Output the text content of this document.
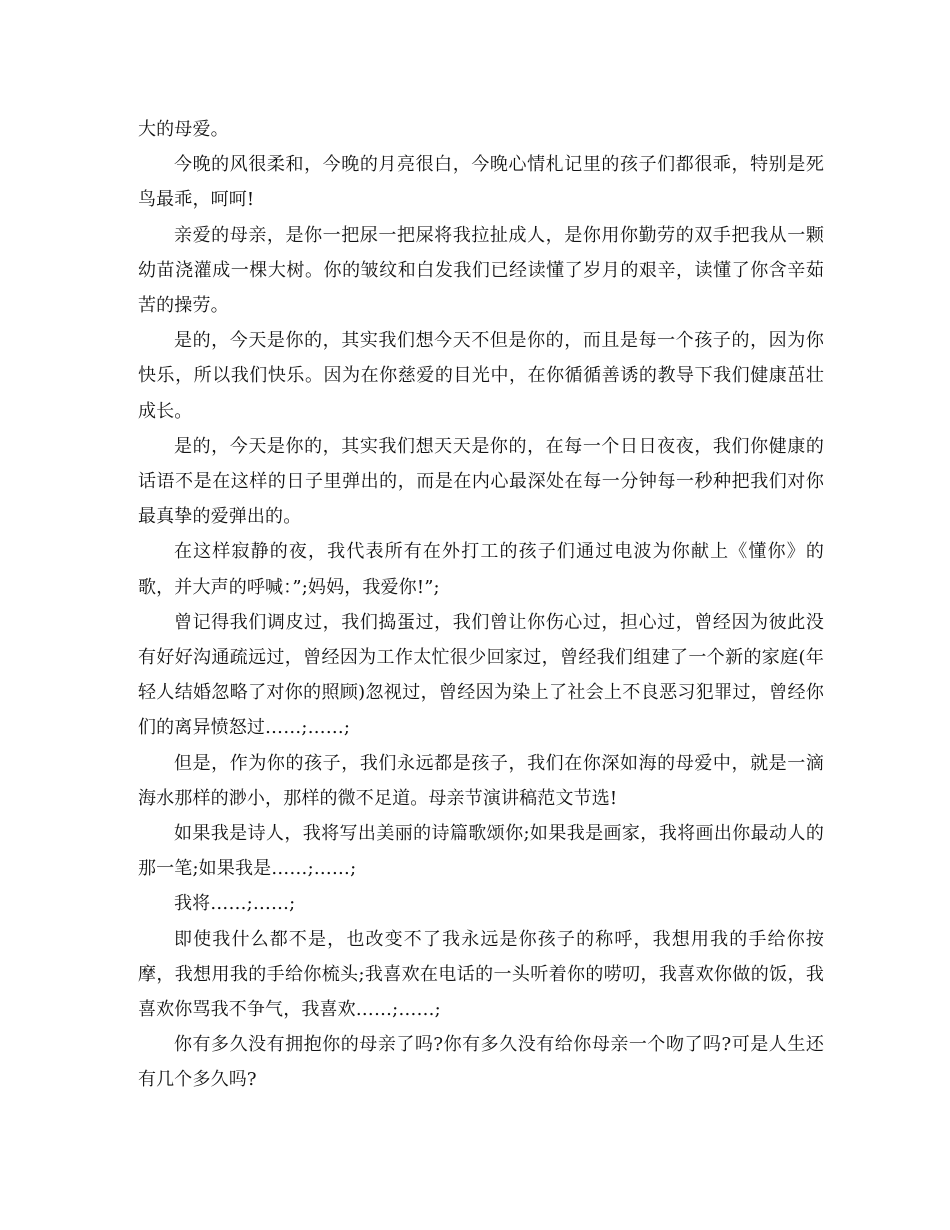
大的母爱。

今晚的风很柔和，今晚的月亮很白，今晚心情札记里的孩子们都很乖，特别是死鸟最乖，呵呵!

亲爱的母亲，是你一把尿一把屎将我拉扯成人，是你用你勤劳的双手把我从一颗幼苗浇灌成一棵大树。你的皱纹和白发我们已经读懂了岁月的艰辛，读懂了你含辛茹苦的操劳。

是的，今天是你的，其实我们想今天不但是你的，而且是每一个孩子的，因为你快乐，所以我们快乐。因为在你慈爱的目光中，在你循循善诱的教导下我们健康茁壮成长。

是的，今天是你的，其实我们想天天是你的，在每一个日日夜夜，我们你健康的话语不是在这样的日子里弹出的，而是在内心最深处在每一分钟每一秒种把我们对你最真挚的爱弹出的。

在这样寂静的夜，我代表所有在外打工的孩子们通过电波为你献上《懂你》的歌，并大声的呼喊：”;妈妈，我爱你!”;

曾记得我们调皮过，我们捣蛋过，我们曾让你伤心过，担心过，曾经因为彼此没有好好沟通疏远过，曾经因为工作太忙很少回家过，曾经我们组建了一个新的家庭(年轻人结婚忽略了对你的照顾)忽视过，曾经因为染上了社会上不良恶习犯罪过，曾经你们的离异愤怒过……;……;

但是，作为你的孩子，我们永远都是孩子，我们在你深如海的母爱中，就是一滴海水那样的渺小，那样的微不足道。母亲节演讲稿范文节选!

如果我是诗人，我将写出美丽的诗篇歌颂你;如果我是画家，我将画出你最动人的那一笔;如果我是……;……;

我将……;……;

即使我什么都不是，也改变不了我永远是你孩子的称呼，我想用我的手给你按摩，我想用我的手给你梳头;我喜欢在电话的一头听着你的唠叨，我喜欢你做的饭，我喜欢你骂我不争气，我喜欢……;……;

你有多久没有拥抱你的母亲了吗?你有多久没有给你母亲一个吻了吗?可是人生还有几个多久吗?
